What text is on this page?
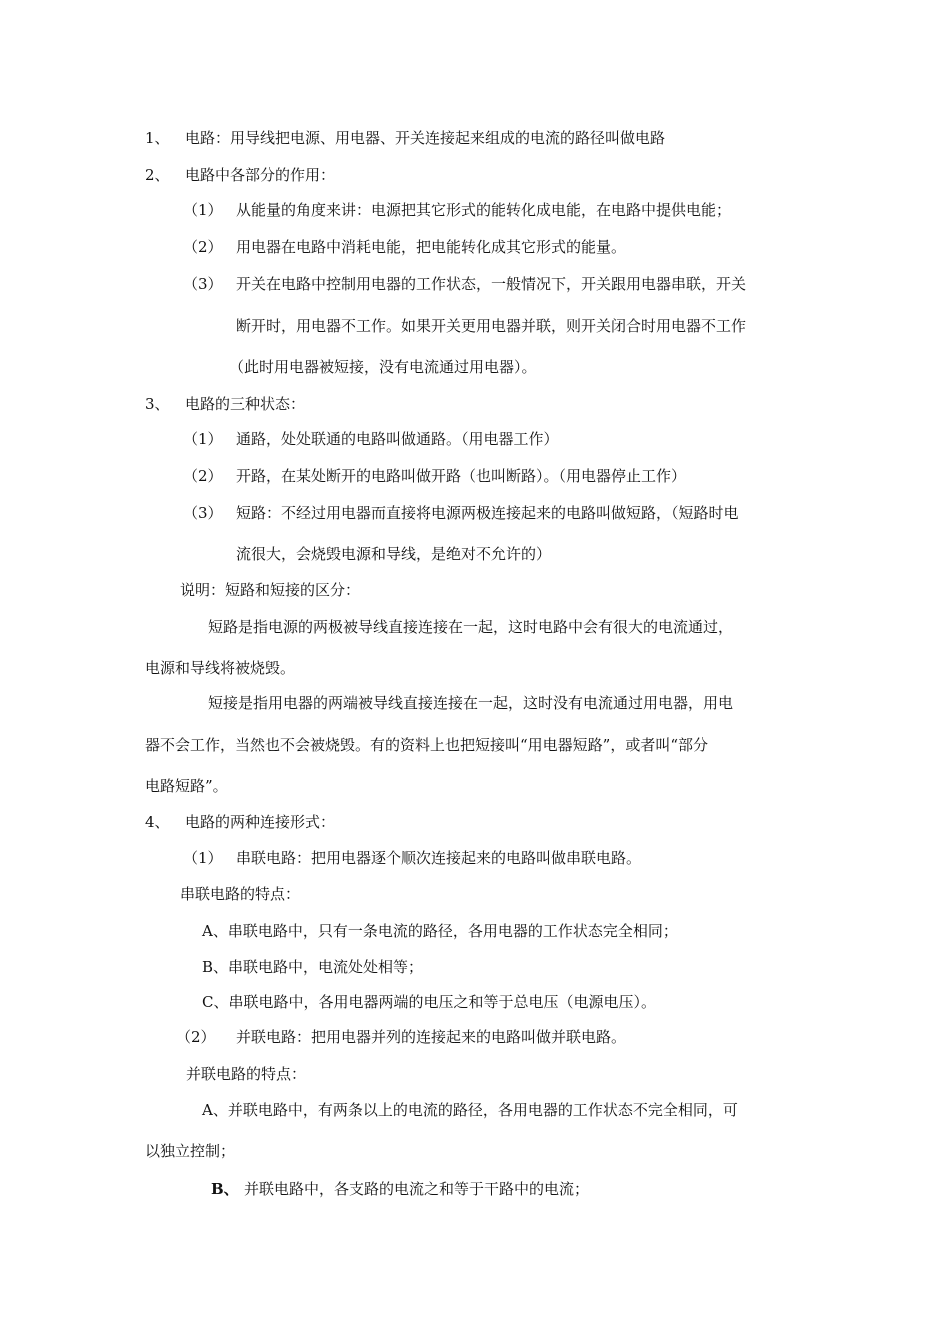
1、 电路：用导线把电源、用电器、开关连接起来组成的电流的路径叫做电路
2、 电路中各部分的作用：
（1） 从能量的角度来讲：电源把其它形式的能转化成电能，在电路中提供电能；
（2） 用电器在电路中消耗电能，把电能转化成其它形式的能量。
（3） 开关在电路中控制用电器的工作状态，一般情况下，开关跟用电器串联，开关
断开时，用电器不工作。如果开关更用电器并联，则开关闭合时用电器不工作
（此时用电器被短接，没有电流通过用电器）。
3、 电路的三种状态：
（1） 通路，处处联通的电路叫做通路。（用电器工作）
（2） 开路，在某处断开的电路叫做开路（也叫断路）。（用电器停止工作）
（3） 短路：不经过用电器而直接将电源两极连接起来的电路叫做短路，（短路时电
流很大，会烧毁电源和导线，是绝对不允许的）
说明：短路和短接的区分：
短路是指电源的两极被导线直接连接在一起，这时电路中会有很大的电流通过，
电源和导线将被烧毁。
短接是指用电器的两端被导线直接连接在一起，这时没有电流通过用电器，用电
器不会工作，当然也不会被烧毁。有的资料上也把短接叫“用电器短路”，或者叫“部分
电路短路”。
4、 电路的两种连接形式：
（1） 串联电路：把用电器逐个顺次连接起来的电路叫做串联电路。
串联电路的特点：
A、串联电路中，只有一条电流的路径，各用电器的工作状态完全相同；
B、串联电路中，电流处处相等；
C、串联电路中，各用电器两端的电压之和等于总电压（电源电压）。
（2） 并联电路：把用电器并列的连接起来的电路叫做并联电路。
并联电路的特点：
A、并联电路中，有两条以上的电流的路径，各用电器的工作状态不完全相同，可
以独立控制；
B、 并联电路中，各支路的电流之和等于干路中的电流；
